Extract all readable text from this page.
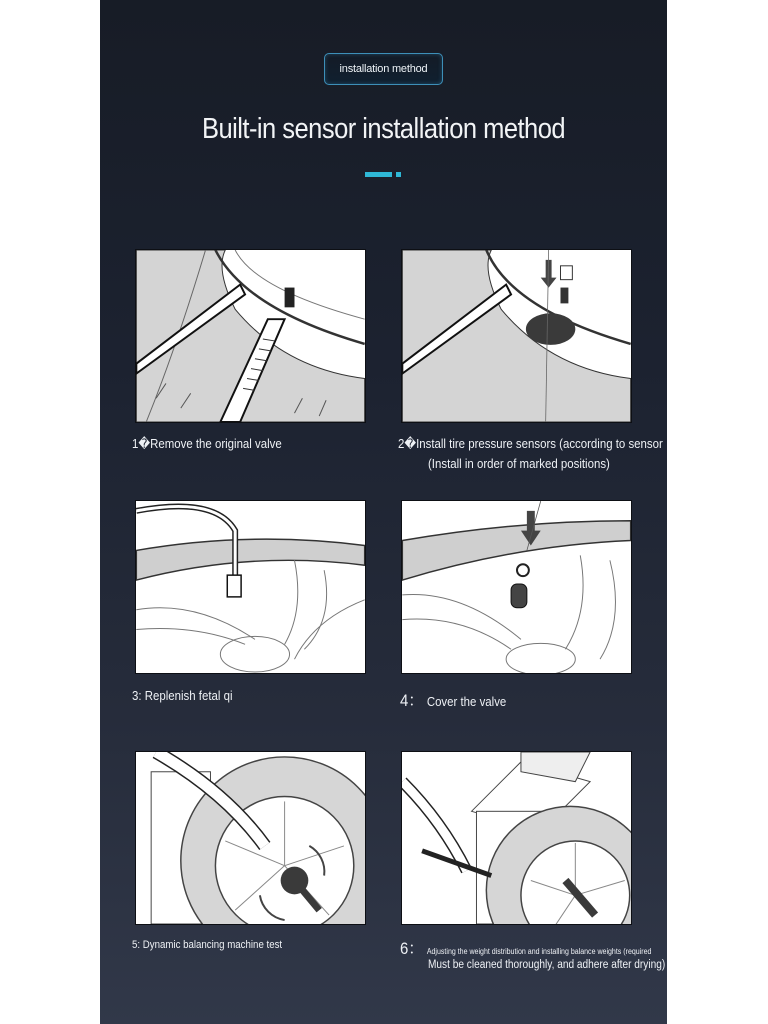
installation method
Built-in sensor installation method
1�Remove the original valve	2�Install tire pressure sensors (according to sensor
(Install in order of marked positions)
3: Replenish fetal qi	4： Cover the valve
5: Dynamic balancing machine test	6： Adjusting the weight distribution and installing balance weights (required
Must be cleaned thoroughly, and adhere after drying)
